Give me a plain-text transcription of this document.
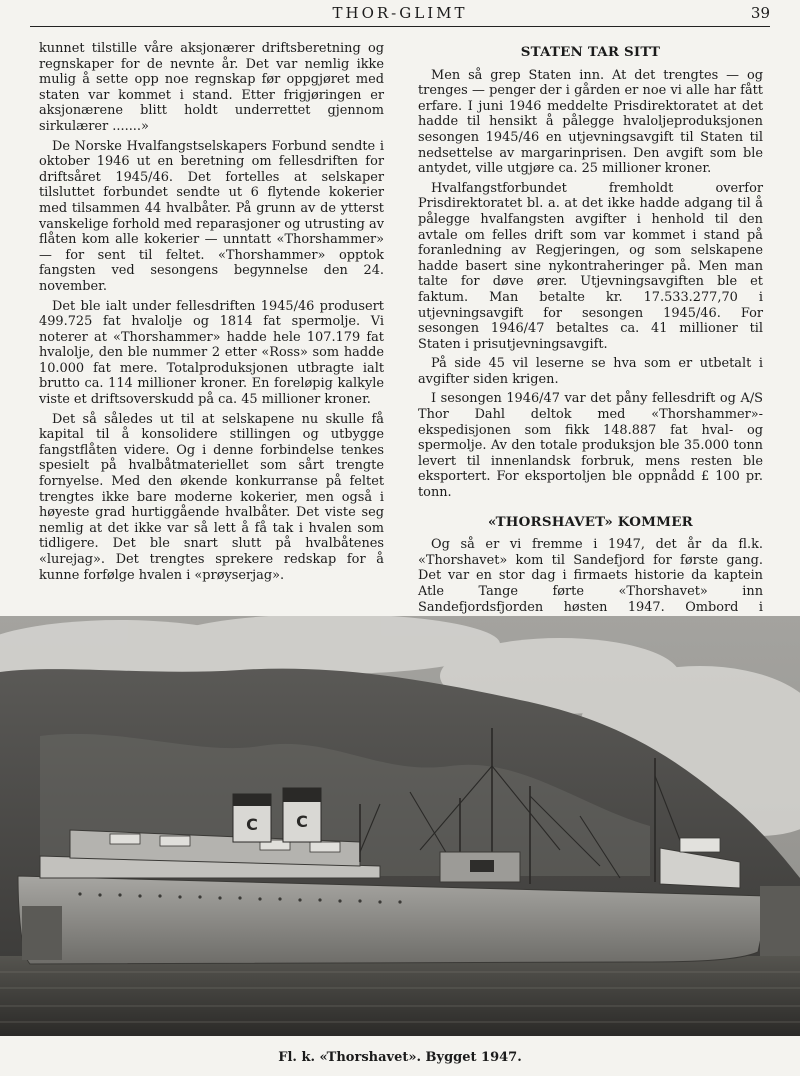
THOR-GLIMT	39

kunnet tilstille våre aksjonærer driftsberetning og regnskaper for de nevnte år. Det var nemlig ikke mulig å sette opp noe regnskap før oppgjøret med staten var kommet i stand. Etter frigjøringen er aksjonærene blitt holdt underrettet gjennom sirkulærer .......»

De Norske Hvalfangstselskapers Forbund sendte i oktober 1946 ut en beretning om fellesdriften for driftsåret 1945/46. Det fortelles at selskaper tilsluttet forbundet sendte ut 6 flytende kokerier med tilsammen 44 hvalbåter. På grunn av de ytterst vanskelige forhold med reparasjoner og utrusting av flåten kom alle kokerier — unntatt «Thorshammer» — for sent til feltet. «Thorshammer» opptok fangsten ved sesongens begynnelse den 24. november.

Det ble ialt under fellesdriften 1945/46 produsert 499.725 fat hvalolje og 1814 fat spermolje. Vi noterer at «Thorshammer» hadde hele 107.179 fat hvalolje, den ble nummer 2 etter «Ross» som hadde 10.000 fat mere. Totalproduksjonen utbragte ialt brutto ca. 114 millioner kroner. En foreløpig kalkyle viste et driftsoverskudd på ca. 45 millioner kroner.

Det så således ut til at selskapene nu skulle få kapital til å konsolidere stillingen og utbygge fangstflåten videre. Og i denne forbindelse tenkes spesielt på hvalbåtmateriellet som sårt trengte fornyelse. Med den økende konkurranse på feltet trengtes ikke bare moderne kokerier, men også i høyeste grad hurtiggående hvalbåter. Det viste seg nemlig at det ikke var så lett å få tak i hvalen som tidligere. Det ble snart slutt på hvalbåtenes «lurejag». Det trengtes sprekere redskap for å kunne forfølge hvalen i «prøyserjag».

STATEN TAR SITT

Men så grep Staten inn. At det trengtes — og trenges — penger der i gården er noe vi alle har fått erfare. I juni 1946 meddelte Prisdirektoratet at det hadde til hensikt å pålegge hvaloljeproduksjonen sesongen 1945/46 en utjevningsavgift til Staten til nedsettelse av margarinprisen. Den avgift som ble antydet, ville utgjøre ca. 25 millioner kroner.

Hvalfangstforbundet fremholdt overfor Prisdirektoratet bl. a. at det ikke hadde adgang til å pålegge hvalfangsten avgifter i henhold til den avtale om felles drift som var kommet i stand på foranledning av Regjeringen, og som selskapene hadde basert sine nykontraheringer på. Men man talte for døve ører. Utjevningsavgiften ble et faktum. Man betalte kr. 17.533.277,70 i utjevningsavgift for sesongen 1945/46. For sesongen 1946/47 betaltes ca. 41 millioner til Staten i prisutjevningsavgift.

På side 45 vil leserne se hva som er utbetalt i avgifter siden krigen.

I sesongen 1946/47 var det påny fellesdrift og A/S Thor Dahl deltok med «Thorshammer»-ekspedisjonen som fikk 148.887 fat hval- og spermolje. Av den totale produksjon ble 35.000 tonn levert til innenlandsk forbruk, mens resten ble eksportert. For eksportoljen ble oppnådd £ 100 pr. tonn.

«THORSHAVET» KOMMER

Og så er vi fremme i 1947, det år da fl.k. «Thorshavet» kom til Sandefjord for første gang. Det var en stor dag i firmaets historie da kaptein Atle Tange førte «Thorshavet» inn Sandefjordsfjorden høsten 1947. Ombord i

C C
Fl. k. «Thorshavet». Bygget 1947.
